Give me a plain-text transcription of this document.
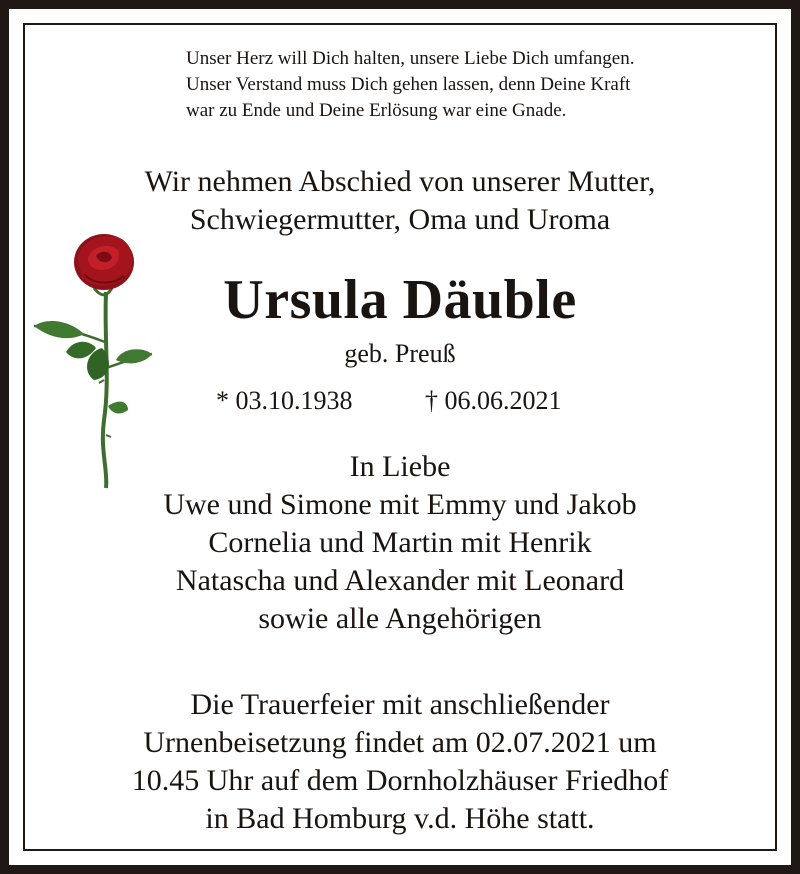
Unser Herz will Dich halten, unsere Liebe Dich umfangen.
Unser Verstand muss Dich gehen lassen, denn Deine Kraft
war zu Ende und Deine Erlösung war eine Gnade.
Wir nehmen Abschied von unserer Mutter,
Schwiegermutter, Oma und Uroma
Ursula Däuble
geb. Preuß
* 03.10.1938	† 06.06.2021
In Liebe
Uwe und Simone mit Emmy und Jakob
Cornelia und Martin mit Henrik
Natascha und Alexander mit Leonard
sowie alle Angehörigen
Die Trauerfeier mit anschließender
Urnenbeisetzung findet am 02.07.2021 um
10.45 Uhr auf dem Dornholzhäuser Friedhof
in Bad Homburg v.d. Höhe statt.
